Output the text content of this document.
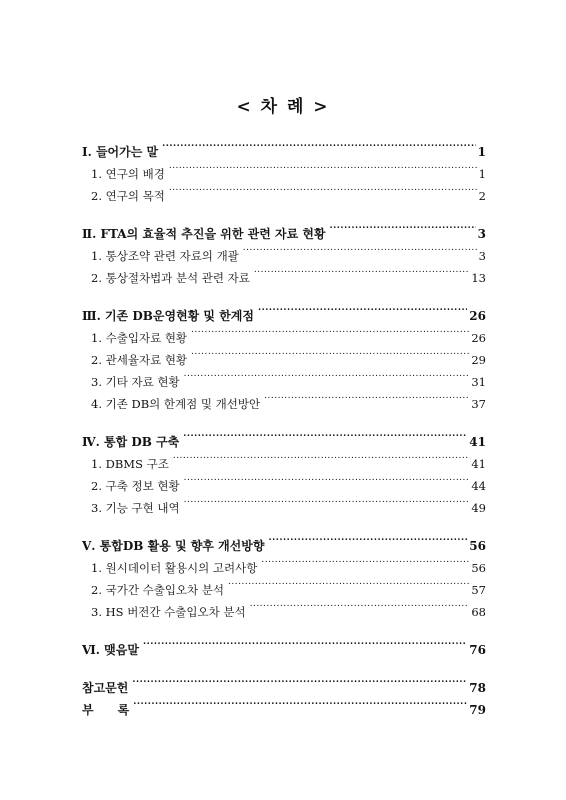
< 차 례 >
Ⅰ. 들어가는 말 .....	1
1. 연구의 배경 .....	1
2. 연구의 목적 .....	2
Ⅱ. FTA의 효율적 추진을 위한 관련 자료 현황 .....	3
1. 통상조약 관련 자료의 개괄 .....	3
2. 통상절차법과 분석 관련 자료 .....	13
Ⅲ. 기존 DB운영현황 및 한계점 .....	26
1. 수출입자료 현황 .....	26
2. 관세율자료 현황 .....	29
3. 기타 자료 현황 .....	31
4. 기존 DB의 한계점 및 개선방안 .....	37
Ⅳ. 통합 DB 구축 .....	41
1. DBMS 구조 .....	41
2. 구축 정보 현황 .....	44
3. 기능 구현 내역 .....	49
Ⅴ. 통합DB 활용 및 향후 개선방향 .....	56
1. 원시데이터 활용시의 고려사항 .....	56
2. 국가간 수출입오차 분석 .....	57
3. HS 버전간 수출입오차 분석 .....	68
Ⅵ. 맺음말 .....	76
참고문헌 .....	78
부　　록 .....	79
